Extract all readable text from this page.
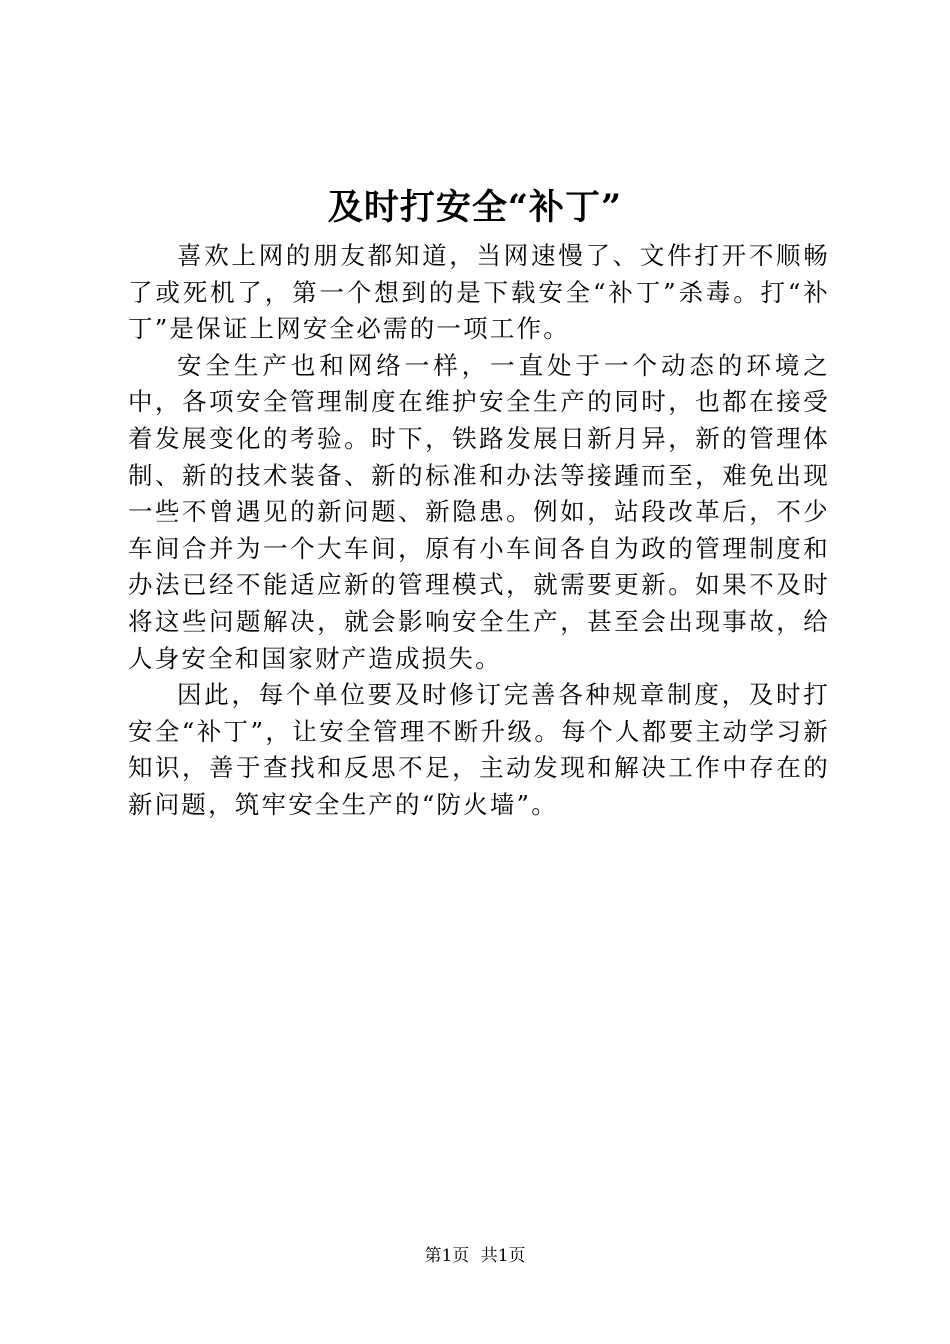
及时打安全“补丁”

喜欢上网的朋友都知道，当网速慢了、文件打开不顺畅了或死机了，第一个想到的是下载安全“补丁”杀毒。打“补丁”是保证上网安全必需的一项工作。

安全生产也和网络一样，一直处于一个动态的环境之中，各项安全管理制度在维护安全生产的同时，也都在接受着发展变化的考验。时下，铁路发展日新月异，新的管理体制、新的技术装备、新的标准和办法等接踵而至，难免出现一些不曾遇见的新问题、新隐患。例如，站段改革后，不少车间合并为一个大车间，原有小车间各自为政的管理制度和办法已经不能适应新的管理模式，就需要更新。如果不及时将这些问题解决，就会影响安全生产，甚至会出现事故，给人身安全和国家财产造成损失。

因此，每个单位要及时修订完善各种规章制度，及时打安全“补丁”，让安全管理不断升级。每个人都要主动学习新知识，善于查找和反思不足，主动发现和解决工作中存在的新问题，筑牢安全生产的“防火墙”。

第1页 共1页
